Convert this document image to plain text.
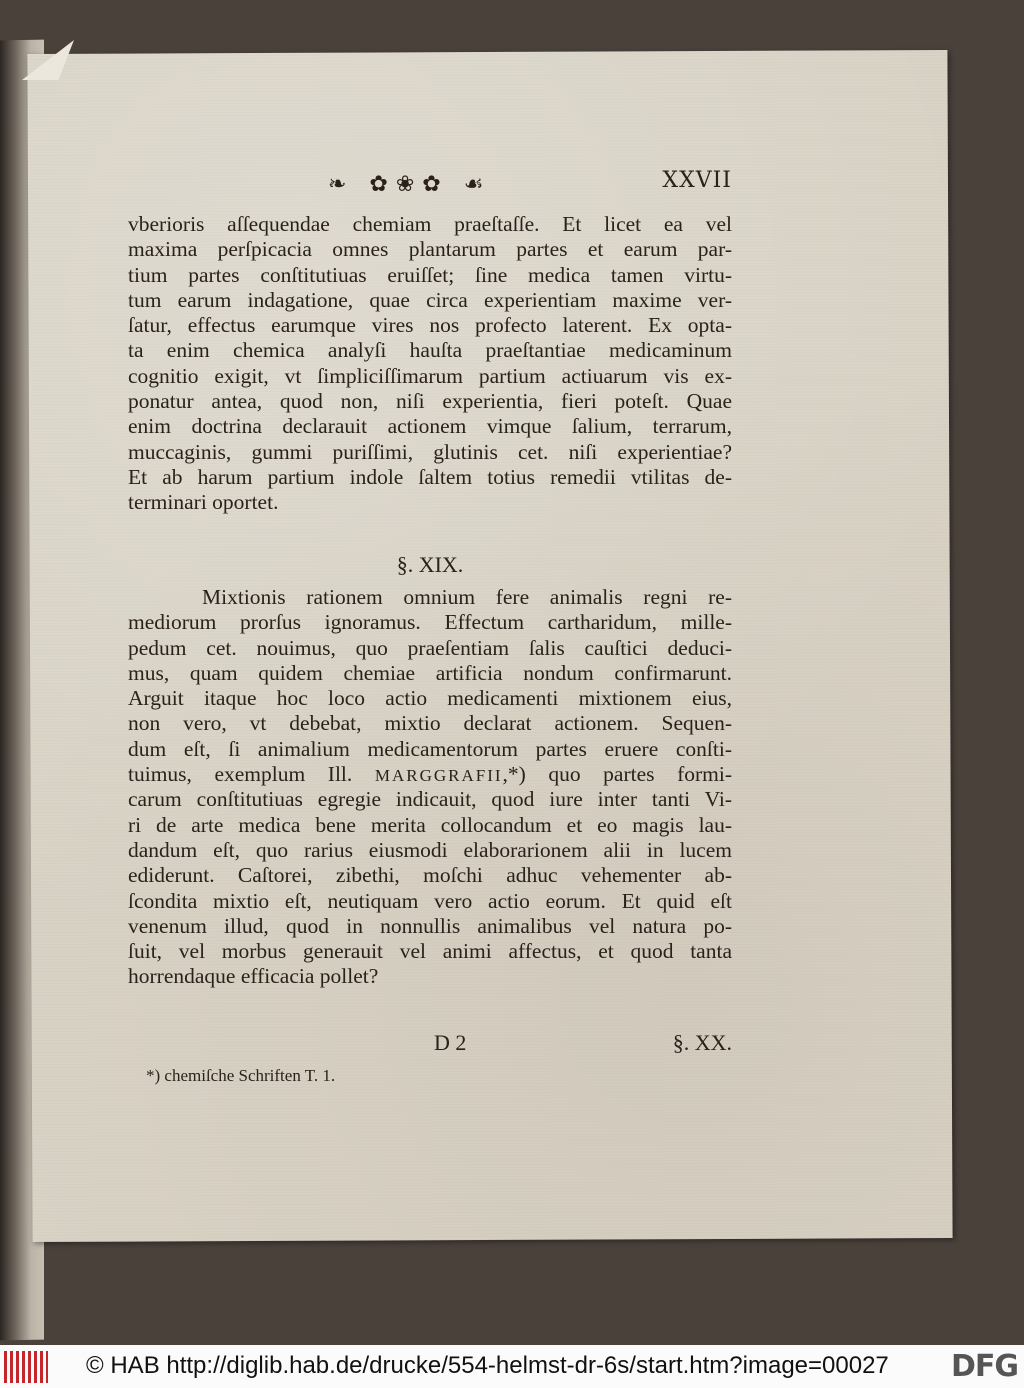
❧ ✿❀✿ ☙	XXVII
vberioris aſſequendae chemiam praeſtaſſe. Et licet ea vel
maxima perſpicacia omnes plantarum partes et earum par-
tium partes conſtitutiuas eruiſſet; ſine medica tamen virtu-
tum earum indagatione, quae circa experientiam maxime ver-
ſatur, effectus earumque vires nos profecto laterent. Ex opta-
ta enim chemica analyſi hauſta praeſtantiae medicaminum
cognitio exigit, vt ſimpliciſſimarum partium actiuarum vis ex-
ponatur antea, quod non, niſi experientia, fieri poteſt. Quae
enim doctrina declarauit actionem vimque ſalium, terrarum,
muccaginis, gummi puriſſimi, glutinis cet. niſi experientiae?
Et ab harum partium indole ſaltem totius remedii vtilitas de-
terminari oportet.
§. XIX.
Mixtionis rationem omnium fere animalis regni re-
mediorum prorſus ignoramus. Effectum cartharidum, mille-
pedum cet. nouimus, quo praeſentiam ſalis cauſtici deduci-
mus, quam quidem chemiae artificia nondum confirmarunt.
Arguit itaque hoc loco actio medicamenti mixtionem eius,
non vero, vt debebat, mixtio declarat actionem. Sequen-
dum eſt, ſi animalium medicamentorum partes eruere conſti-
tuimus, exemplum Ill. MARGGRAFII,*) quo partes formi-
carum conſtitutiuas egregie indicauit, quod iure inter tanti Vi-
ri de arte medica bene merita collocandum et eo magis lau-
dandum eſt, quo rarius eiusmodi elaborarionem alii in lucem
ediderunt. Caſtorei, zibethi, moſchi adhuc vehementer ab-
ſcondita mixtio eſt, neutiquam vero actio eorum. Et quid eſt
venenum illud, quod in nonnullis animalibus vel natura po-
ſuit, vel morbus generauit vel animi affectus, et quod tanta
horrendaque efficacia pollet?
D 2	§. XX.
*) chemiſche Schriften T. 1.
© HAB http://diglib.hab.de/drucke/554-helmst-dr-6s/start.htm?image=00027 DFG
